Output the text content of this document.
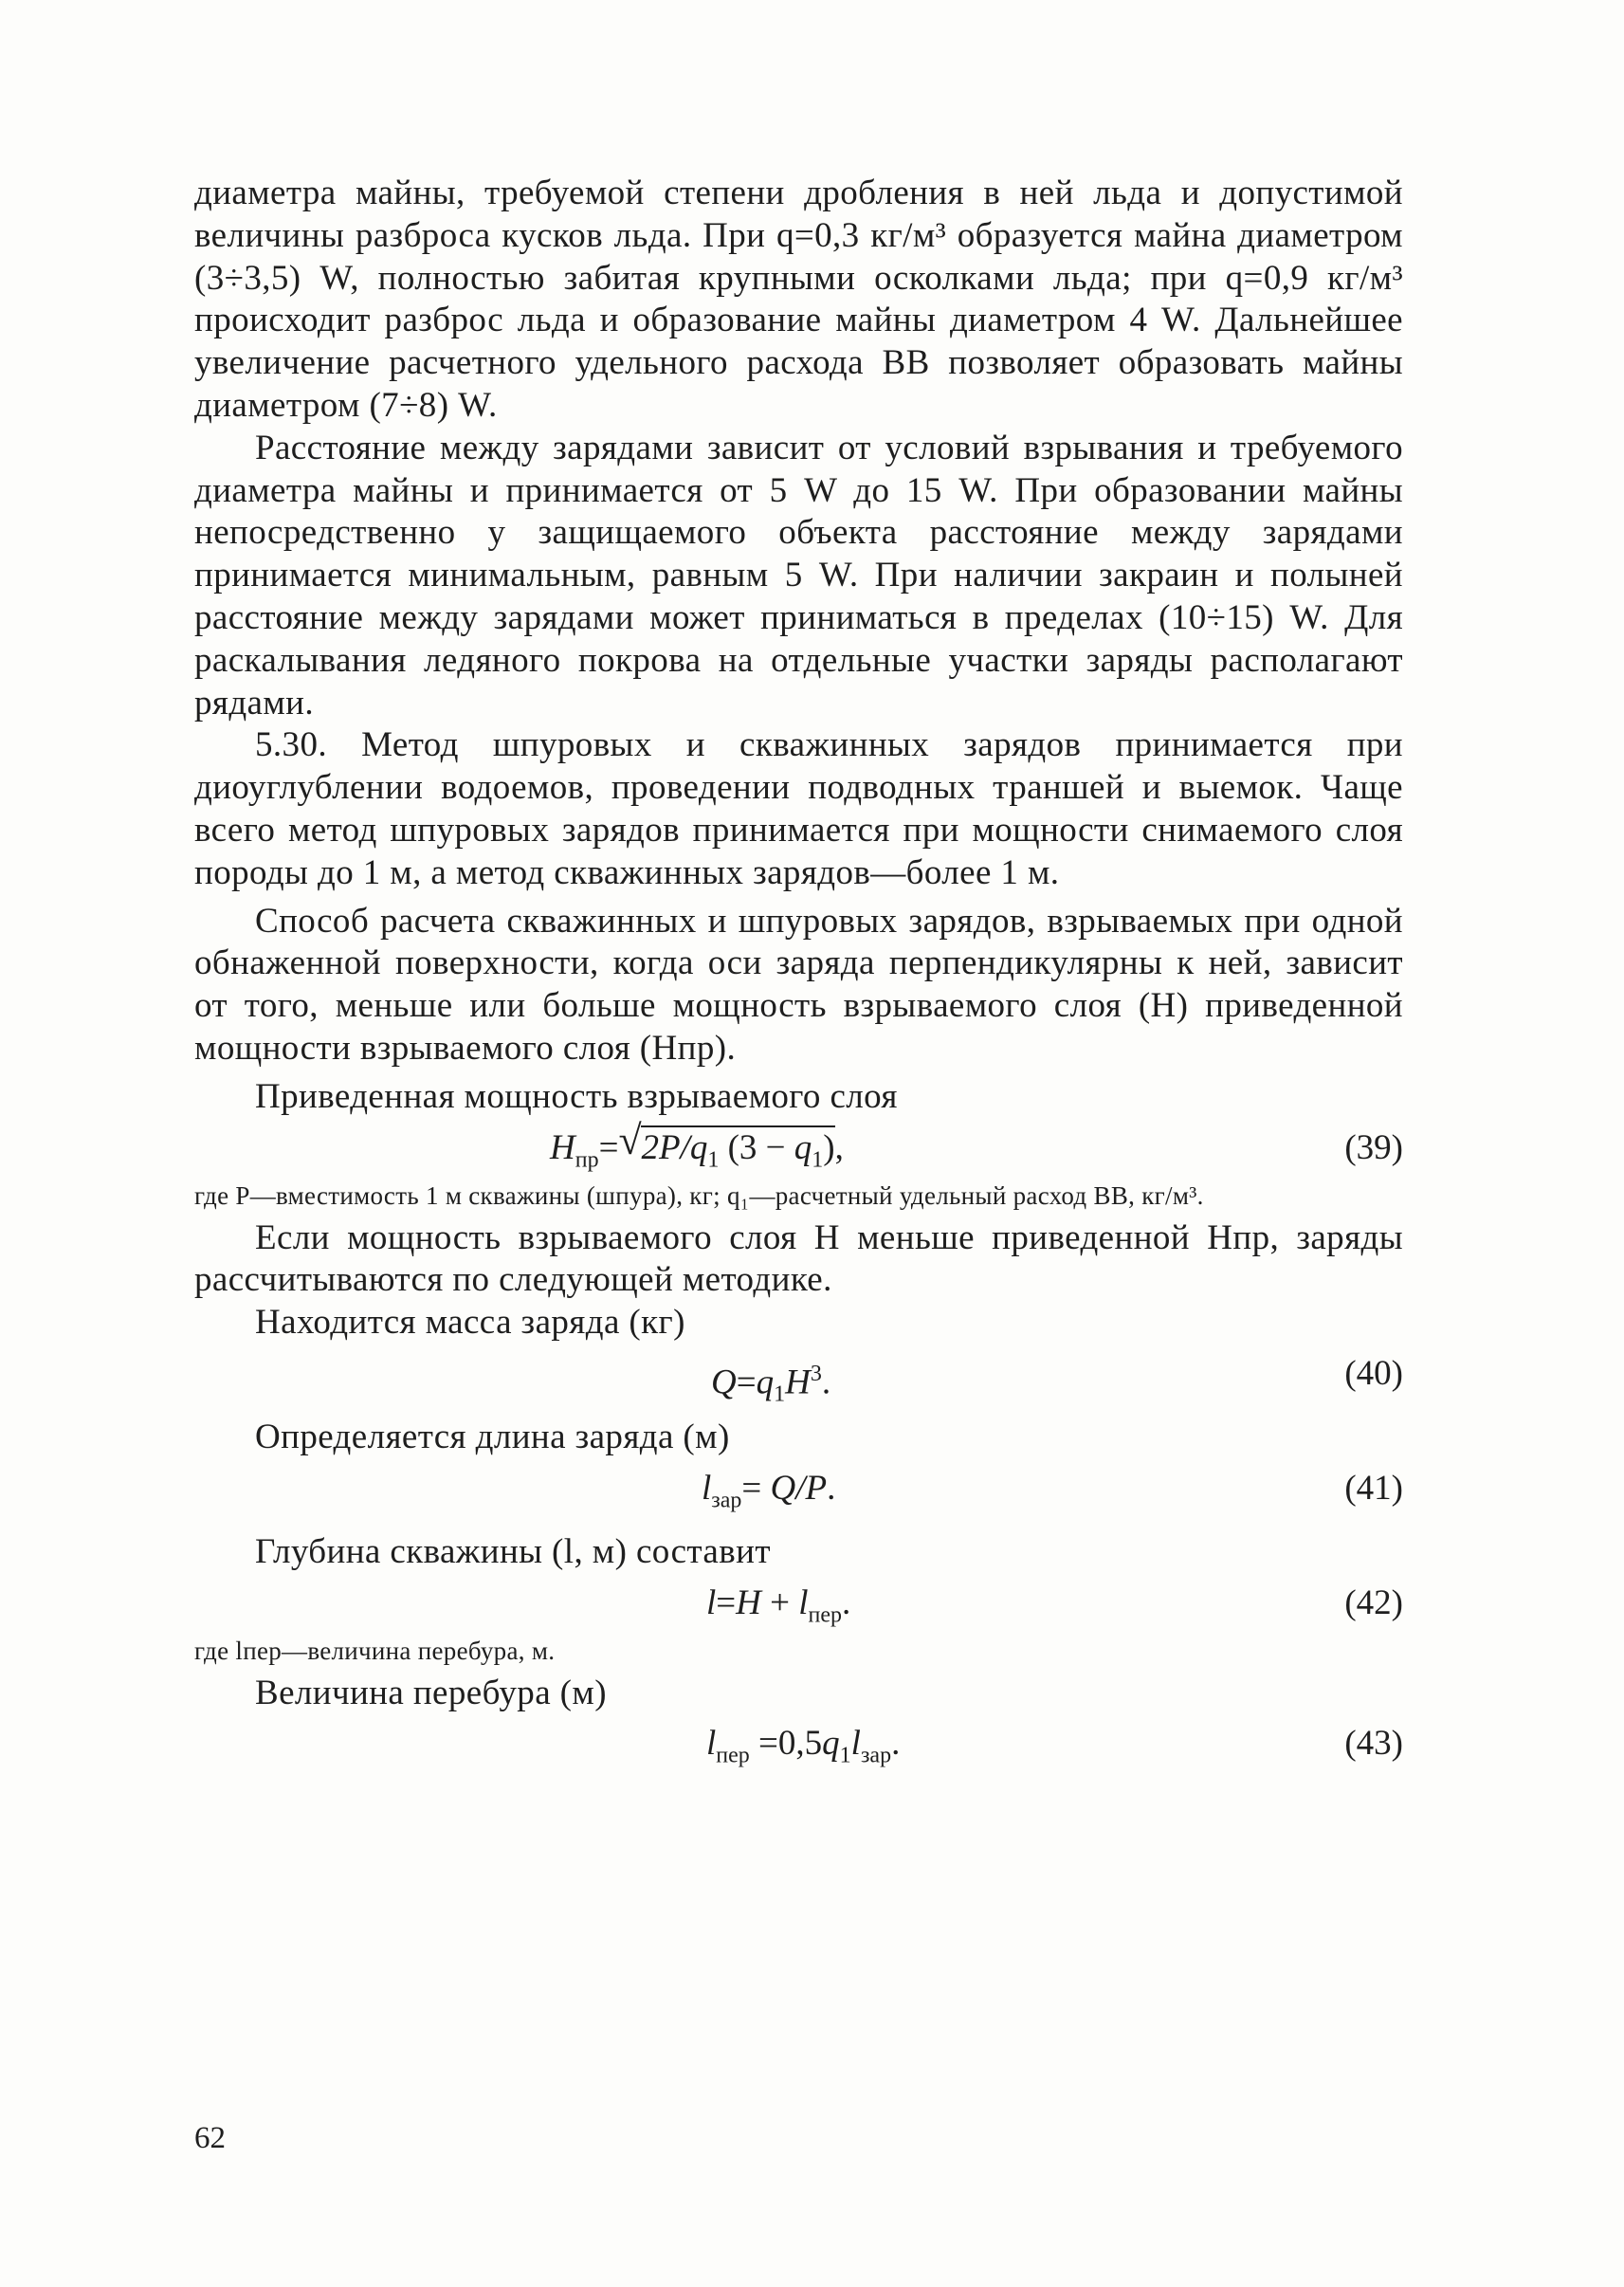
диаметра майны, требуемой степени дробления в ней льда и допустимой величины разброса кусков льда. При q=0,3 кг/м³ образуется майна диаметром (3÷3,5) W, полностью забитая крупными осколками льда; при q=0,9 кг/м³ происходит разброс льда и образование майны диаметром 4 W. Дальнейшее увеличение расчетного удельного расхода ВВ позволяет образовать майны диаметром (7÷8) W.

Расстояние между зарядами зависит от условий взрывания и требуемого диаметра майны и принимается от 5 W до 15 W. При образовании майны непосредственно у защищаемого объекта расстояние между зарядами принимается минимальным, равным 5 W. При наличии закраин и полыней расстояние между зарядами может приниматься в пределах (10÷15) W. Для раскалывания ледяного покрова на отдельные участки заряды располагают рядами.

5.30. Метод шпуровых и скважинных зарядов принимается при диоуглублении водоемов, проведении подводных траншей и выемок. Чаще всего метод шпуровых зарядов принимается при мощности снимаемого слоя породы до 1 м, а метод скважинных зарядов—более 1 м.

Способ расчета скважинных и шпуровых зарядов, взрываемых при одной обнаженной поверхности, когда оси заряда перпендикулярны к ней, зависит от того, меньше или больше мощность взрываемого слоя (H) приведенной мощности взрываемого слоя (Hпр).

Приведенная мощность взрываемого слоя

$H_{пр}=$ √ $2P/q_1$ $(3 - q_1)$,	(39)

где P—вместимость 1 м скважины (шпура), кг; q₁—расчетный удельный расход ВВ, кг/м³.

Если мощность взрываемого слоя H меньше приведенной Hпр, заряды рассчитываются по следующей методике.

Находится масса заряда (кг)

$Q=q_1H^3$.	(40)

Определяется длина заряда (м)

$l_{зар}= Q/P$.	(41)

Глубина скважины (l, м) составит

$l=H + l_{пер}$.	(42)

где lпер—величина перебура, м.

Величина перебура (м)

$l_{пер} =0,5q_1l_{зар}$.	(43)
62
